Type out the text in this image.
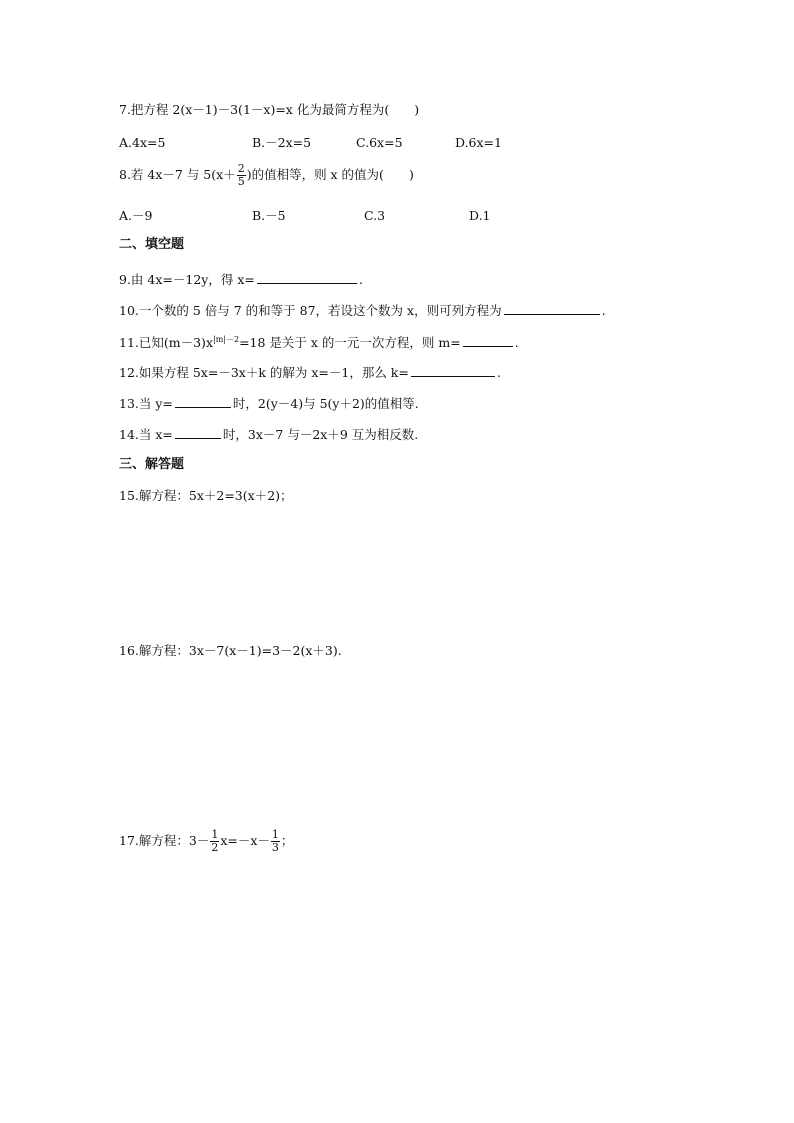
7.把方程 2(x－1)－3(1－x)=x 化为最简方程为(　　)
A.4x=5	B.－2x=5	C.6x=5	D.6x=1
8.若 4x－7 与 $5(x+ \frac{2}{5}$ )的值相等，则 x 的值为(　　)
A.－9	B.－5	C.3	D.1
二、填空题
9.由 4x=－12y，得 x=	.
10.一个数的 5 倍与 7 的和等于 87，若设这个数为 x，则可列方程为	.
11.已知$(m-3)x^{|m|-2}=18$ 是关于 x 的一元一次方程，则 m=	.
12.如果方程 5x=－3x＋k 的解为 x=－1，那么 k=	.
13.当 y=	时，2(y－4)与 5(y＋2)的值相等.
14.当 x=	时，3x－7 与－2x＋9 互为相反数.
三、解答题
15.解方程：5x＋2=3(x＋2)；
16.解方程：3x－7(x－1)=3－2(x＋3).
17.解方程：$3- \frac{1}{2} x=-x- \frac{1}{3}$ ；
